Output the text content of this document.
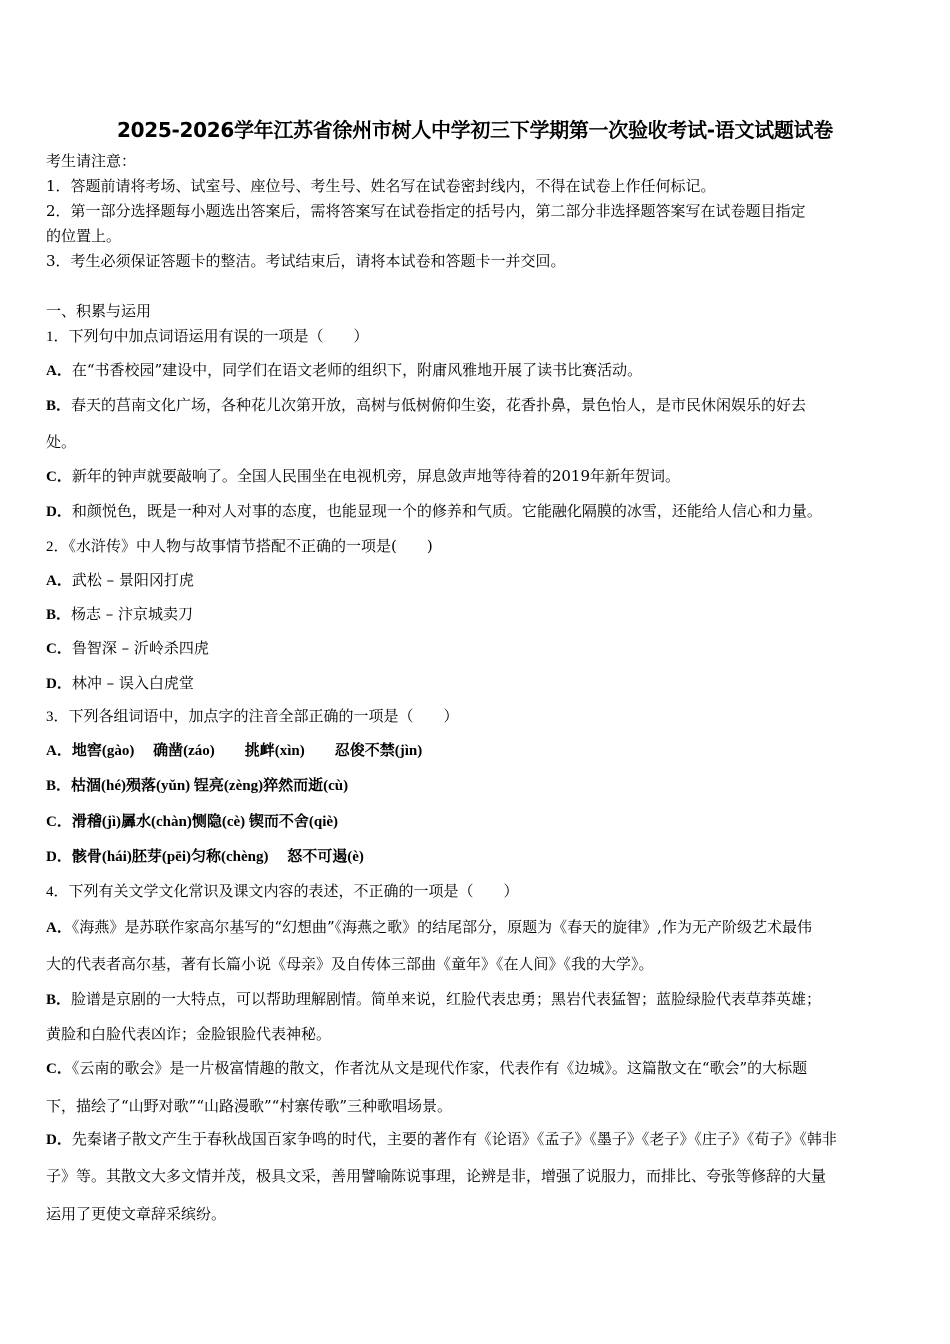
2025-2026学年江苏省徐州市树人中学初三下学期第一次验收考试-语文试题试卷
考生请注意：
1．答题前请将考场、试室号、座位号、考生号、姓名写在试卷密封线内，不得在试卷上作任何标记。
2．第一部分选择题每小题选出答案后，需将答案写在试卷指定的括号内，第二部分非选择题答案写在试卷题目指定
的位置上。
3．考生必须保证答题卡的整洁。考试结束后，请将本试卷和答题卡一并交回。
一、积累与运用
1．下列句中加点词语运用有误的一项是（　　）
A．在“书香校园”建设中，同学们在语文老师的组织下，附庸风雅地开展了读书比赛活动。
B．春天的莒南文化广场，各种花儿次第开放，高树与低树俯仰生姿，花香扑鼻，景色怡人，是市民休闲娱乐的好去
处。
C．新年的钟声就要敲响了。全国人民围坐在电视机旁，屏息敛声地等待着的2019年新年贺词。
D．和颜悦色，既是一种对人对事的态度，也能显现一个的修养和气质。它能融化隔膜的冰雪，还能给人信心和力量。
2．《水浒传》中人物与故事情节搭配不正确的一项是(　　)
A．武松 – 景阳冈打虎
B．杨志 – 汴京城卖刀
C．鲁智深 – 沂岭杀四虎
D．林冲 – 误入白虎堂
3．下列各组词语中，加点字的注音全部正确的一项是（　　）
A．地窖(gào)　 确凿(záo)　　挑衅(xìn)　　忍俊不禁(jìn)
B．枯涸(hé)殒落(yǔn) 锃亮(zèng)猝然而逝(cù)
C．滑稽(jì)羼水(chàn)恻隐(cè) 锲而不舍(qiè)
D．骸骨(hái)胚芽(pēi)匀称(chèng)　 怒不可遏(è)
4．下列有关文学文化常识及课文内容的表述，不正确的一项是（　　）
A．《海燕》是苏联作家高尔基写的“幻想曲”《海燕之歌》的结尾部分，原题为《春天的旋律》,作为无产阶级艺术最伟
大的代表者高尔基，著有长篇小说《母亲》及自传体三部曲《童年》《在人间》《我的大学》。
B．脸谱是京剧的一大特点，可以帮助理解剧情。简单来说，红脸代表忠勇；黑岩代表猛智；蓝脸绿脸代表草莽英雄；
黄脸和白脸代表凶诈；金脸银脸代表神秘。
C．《云南的歌会》是一片极富情趣的散文，作者沈从文是现代作家，代表作有《边城》。这篇散文在“歌会”的大标题
下，描绘了“山野对歌”“山路漫歌”“村寨传歌”三种歌唱场景。
D．先秦诸子散文产生于春秋战国百家争鸣的时代，主要的著作有《论语》《孟子》《墨子》《老子》《庄子》《荀子》《韩非
子》等。其散文大多文情并茂，极具文采，善用譬喻陈说事理，论辨是非，增强了说服力，而排比、夸张等修辞的大量
运用了更使文章辞采缤纷。
